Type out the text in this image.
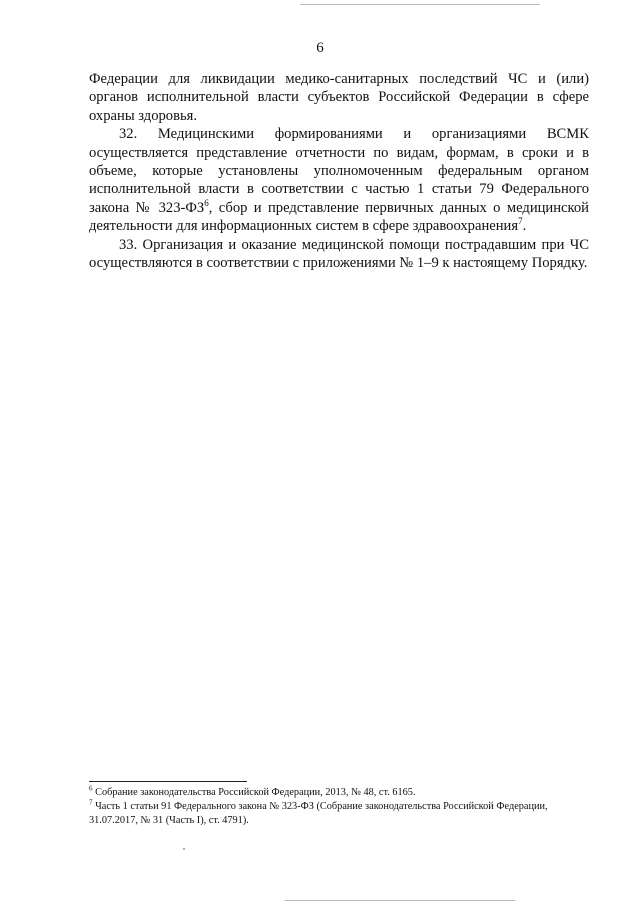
6

Федерации для ликвидации медико-санитарных последствий ЧС и (или) органов исполнительной власти субъектов Российской Федерации в сфере охраны здоровья.

32. Медицинскими формированиями и организациями ВСМК осуществляется представление отчетности по видам, формам, в сроки и в объеме, которые установлены уполномоченным федеральным органом исполнительной власти в соответствии с частью 1 статьи 79 Федерального закона № $323-ФЗ^6$, сбор и представление первичных данных о медицинской деятельности для информационных систем в сфере здравоохранения$^7$.

33. Организация и оказание медицинской помощи пострадавшим при ЧС осуществляются в соответствии с приложениями № 1–9 к настоящему Порядку.

$^6$ Собрание законодательства Российской Федерации, 2013, № 48, ст. 6165.

$^7$ Часть 1 статьи 91 Федерального закона № 323-ФЗ (Собрание законодательства Российской Федерации, 31.07.2017, № 31 (Часть I), ст. 4791).
